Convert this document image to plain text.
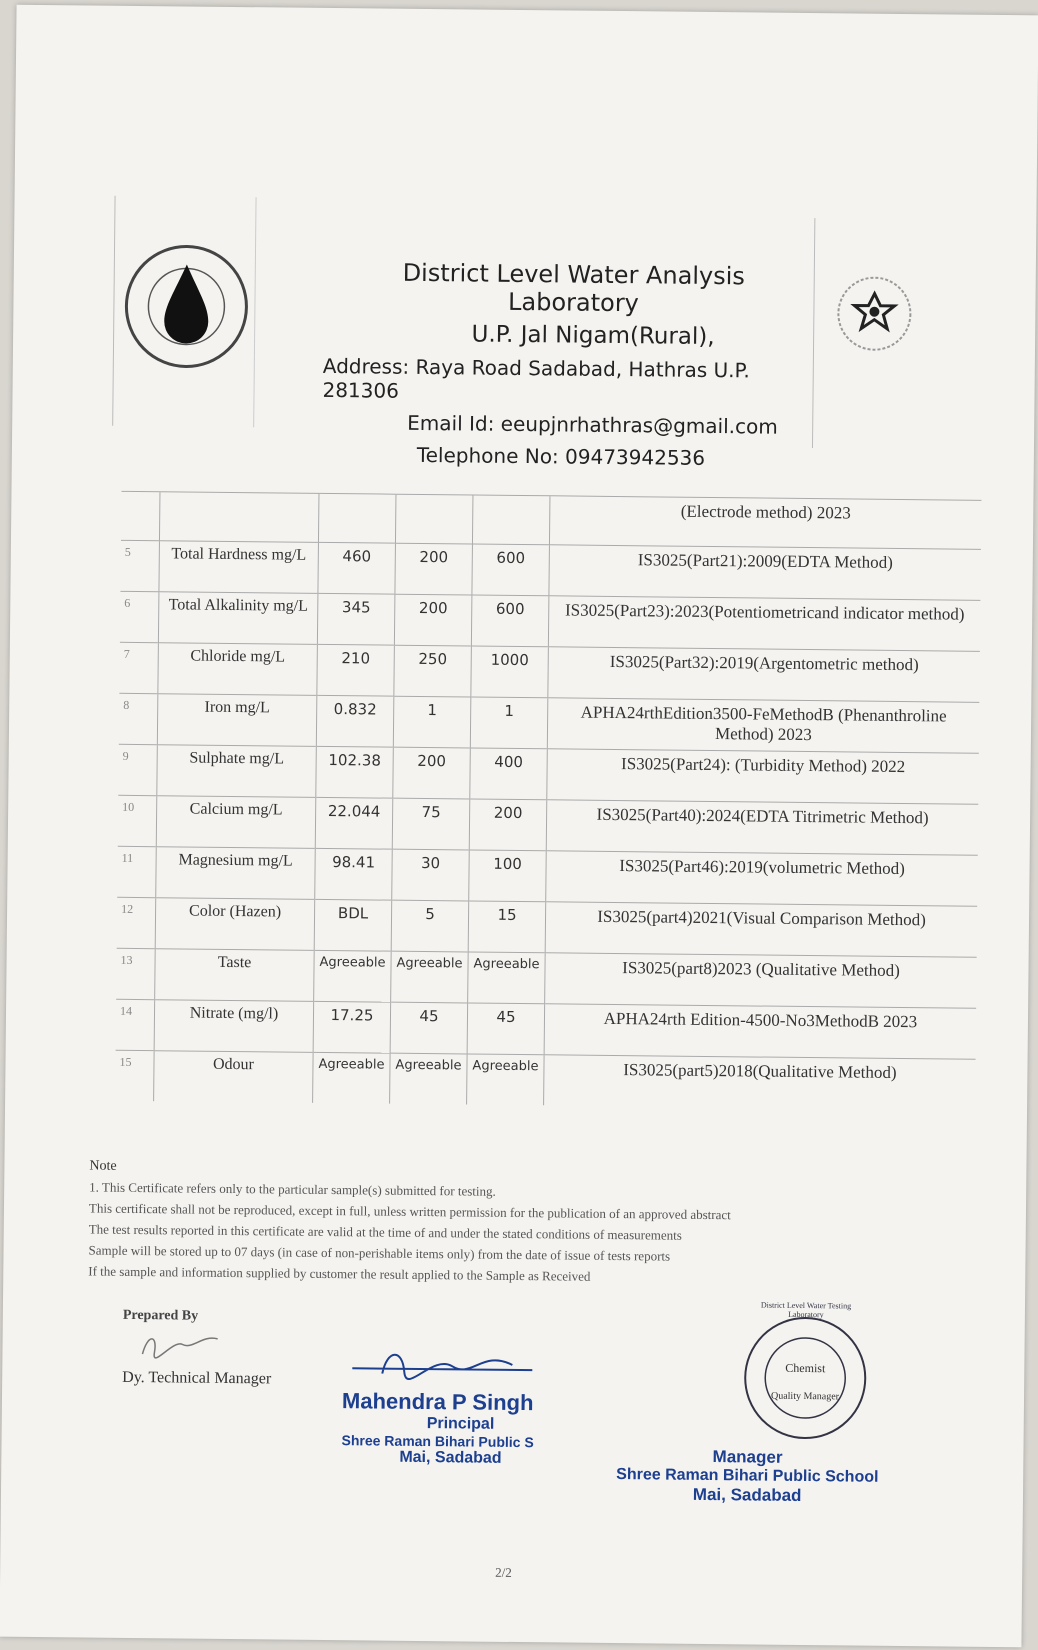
District Level Water Analysis Laboratory
U.P. Jal Nigam(Rural),
Address: Raya Road Sadabad, Hathras U.P. 281306
Email Id: eeupjnrhathras@gmail.com
Telephone No: 09473942536
					(Electrode method) 2023
5	Total Hardness mg/L	460	200	600	IS3025(Part21):2009(EDTA Method)
6	Total Alkalinity mg/L	345	200	600	IS3025(Part23):2023(Potentiometricand indicator method)
7	Chloride mg/L	210	250	1000	IS3025(Part32):2019(Argentometric method)
8	Iron mg/L	0.832	1	1	APHA24rthEdition3500-FeMethodB (Phenanthroline Method) 2023
9	Sulphate mg/L	102.38	200	400	IS3025(Part24): (Turbidity Method) 2022
10	Calcium mg/L	22.044	75	200	IS3025(Part40):2024(EDTA Titrimetric Method)
11	Magnesium mg/L	98.41	30	100	IS3025(Part46):2019(volumetric Method)
12	Color (Hazen)	BDL	5	15	IS3025(part4)2021(Visual Comparison Method)
13	Taste	Agreeable	Agreeable	Agreeable	IS3025(part8)2023 (Qualitative Method)
14	Nitrate (mg/l)	17.25	45	45	APHA24rth Edition-4500-No3MethodB 2023
15	Odour	Agreeable	Agreeable	Agreeable	IS3025(part5)2018(Qualitative Method)
Note
1. This Certificate refers only to the particular sample(s) submitted for testing.
This certificate shall not be reproduced, except in full, unless written permission for the publication of an approved abstract
The test results reported in this certificate are valid at the time of and under the stated conditions of measurements
Sample will be stored up to 07 days (in case of non-perishable items only) from the date of issue of tests reports
If the sample and information supplied by customer the result applied to the Sample as Received
Prepared By
Dy. Technical Manager
Mahendra P Singh
Principal
Shree Raman Bihari Public S
Mai, Sadabad
District Level Water Testing Laboratory
Chemist
Quality Manager
Manager
Shree Raman Bihari Public School
Mai, Sadabad
2/2
